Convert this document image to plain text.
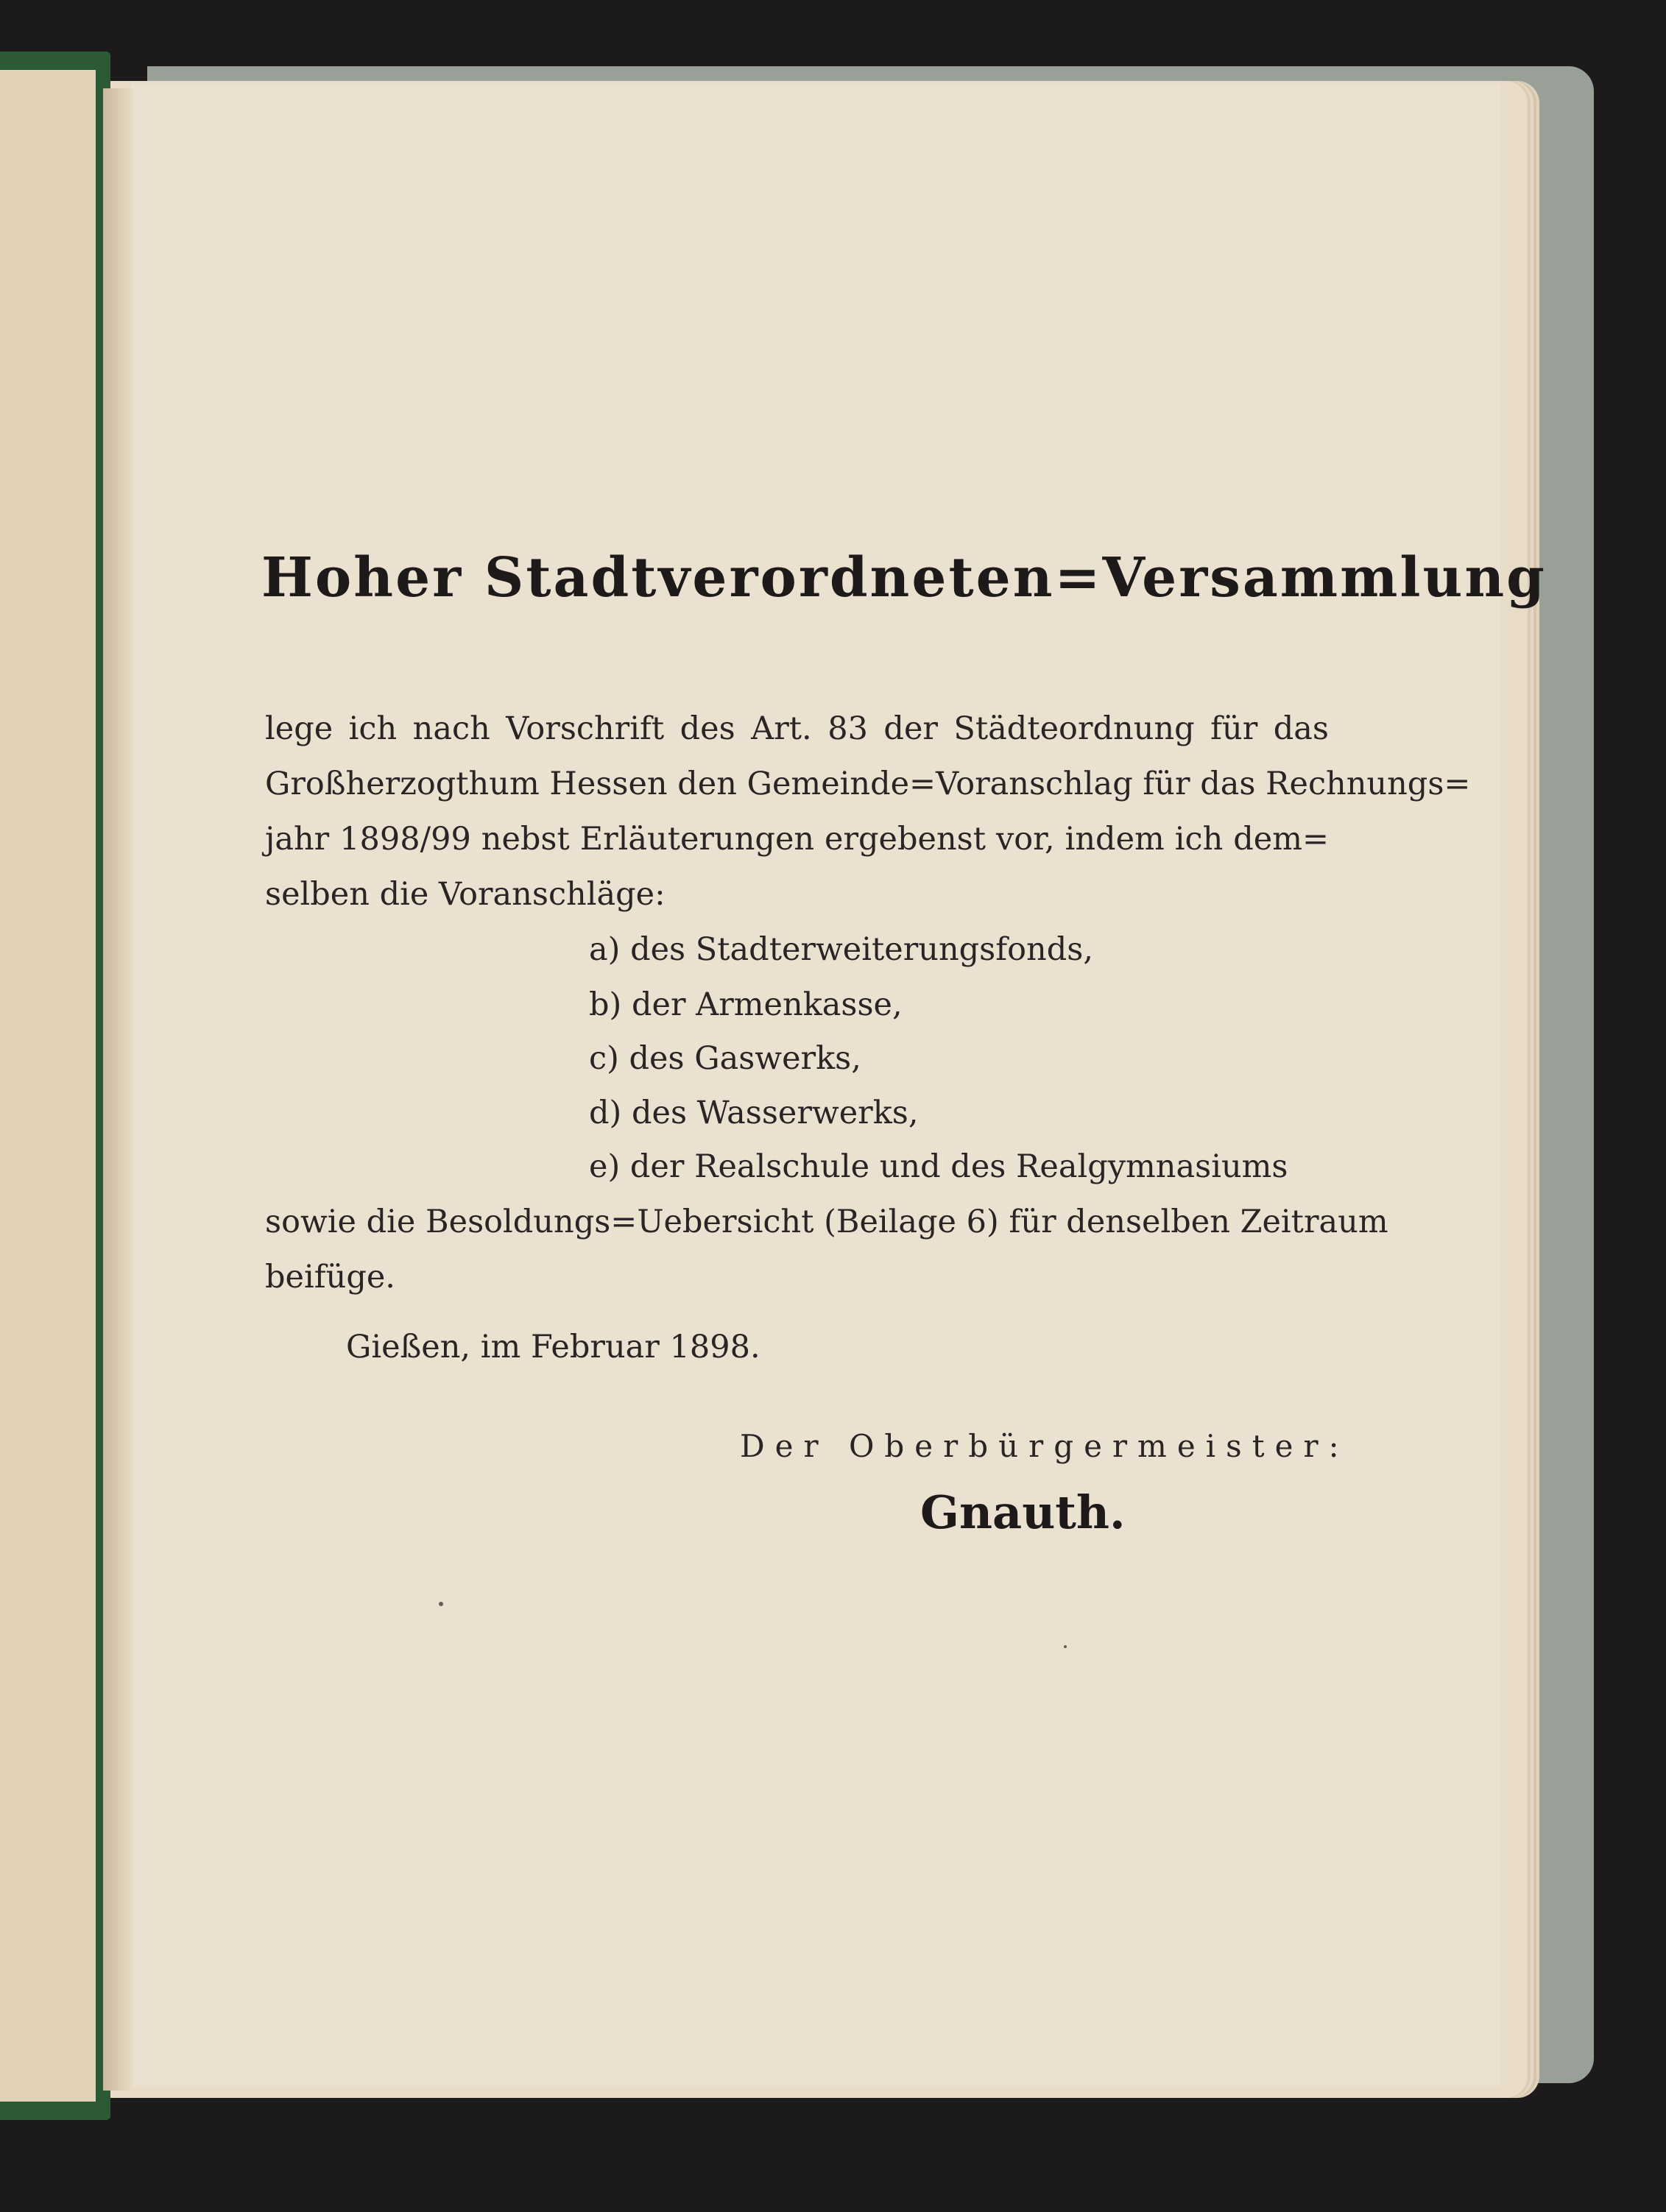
Hoher Stadtverordneten=Versammlung
lege ich nach Vorschrift des Art. 83 der Städteordnung für das
Großherzogthum Hessen den Gemeinde=Voranschlag für das Rechnungs=
jahr 1898/99 nebst Erläuterungen ergebenst vor, indem ich dem=
selben die Voranschläge:
a) des Stadterweiterungsfonds,
b) der Armenkasse,
c) des Gaswerks,
d) des Wasserwerks,
e) der Realschule und des Realgymnasiums
sowie die Besoldungs=Uebersicht (Beilage 6) für denselben Zeitraum
beifüge.
Gießen, im Februar 1898.
Der Oberbürgermeister:
Gnauth.
